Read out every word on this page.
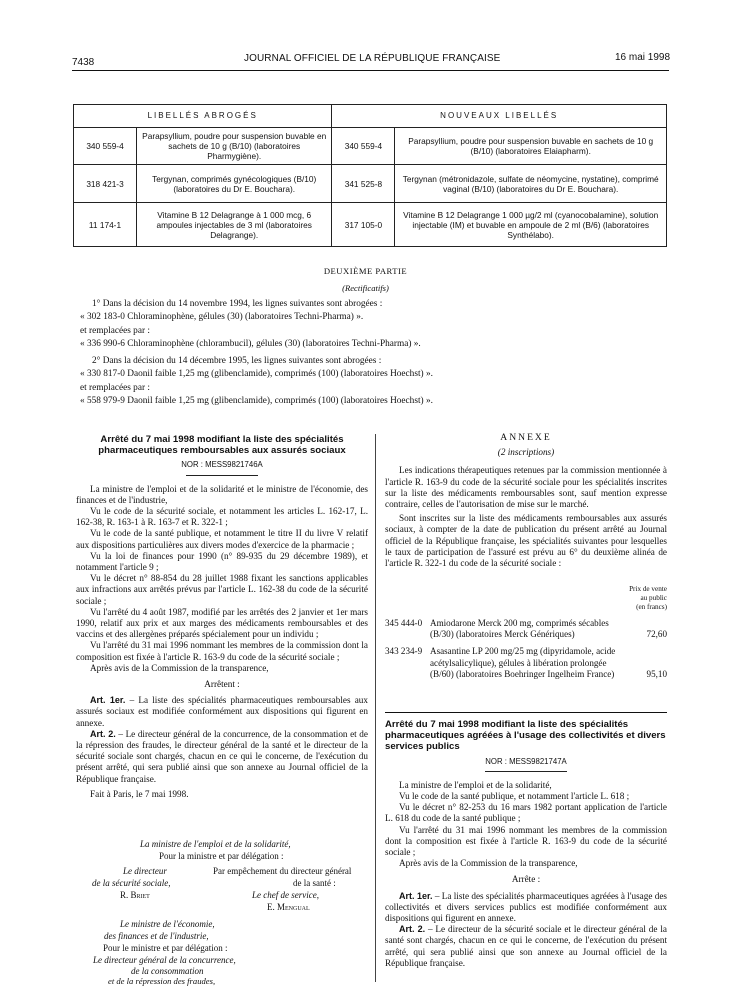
7438	JOURNAL OFFICIEL DE LA RÉPUBLIQUE FRANÇAISE	16 mai 1998
LIBELLÉS ABROGÉS		NOUVEAUX LIBELLÉS	
340 559-4	Parapsyllium, poudre pour suspension buvable en sachets de 10 g (B/10) (laboratoires Pharmygiène).	340 559-4	Parapsyllium, poudre pour suspension buvable en sachets de 10 g (B/10) (laboratoires Elaiapharm).
318 421-3	Tergynan, comprimés gynécologiques (B/10) (laboratoires du Dr E. Bouchara).	341 525-8	Tergynan (métronidazole, sulfate de néomycine, nystatine), comprimé vaginal (B/10) (laboratoires du Dr E. Bouchara).
11 174-1	Vitamine B 12 Delagrange à 1 000 mcg, 6 ampoules injectables de 3 ml (laboratoires Delagrange).	317 105-0	Vitamine B 12 Delagrange 1 000 µg/2 ml (cyanocobalamine), solution injectable (IM) et buvable en ampoule de 2 ml (B/6) (laboratoires Synthélabo).
DEUXIÈME PARTIE
(Rectificatifs)
1° Dans la décision du 14 novembre 1994, les lignes suivantes sont abrogées :
« 302 183-0 Chloraminophène, gélules (30) (laboratoires Techni-Pharma) ».
et remplacées par :
« 336 990-6 Chloraminophène (chlorambucil), gélules (30) (laboratoires Techni-Pharma) ».
2° Dans la décision du 14 décembre 1995, les lignes suivantes sont abrogées :
« 330 817-0 Daonil faible 1,25 mg (glibenclamide), comprimés (100) (laboratoires Hoechst) ».
et remplacées par :
« 558 979-9 Daonil faible 1,25 mg (glibenclamide), comprimés (100) (laboratoires Hoechst) ».

Arrêté du 7 mai 1998 modifiant la liste des spécialités pharmaceutiques remboursables aux assurés sociaux

NOR : MESS9821746A

La ministre de l'emploi et de la solidarité et le ministre de l'économie, des finances et de l'industrie,

Vu le code de la sécurité sociale, et notamment les articles L. 162-17, L. 162-38, R. 163-1 à R. 163-7 et R. 322-1 ;

Vu le code de la santé publique, et notamment le titre II du livre V relatif aux dispositions particulières aux divers modes d'exercice de la pharmacie ;

Vu la loi de finances pour 1990 (n° 89-935 du 29 décembre 1989), et notamment l'article 9 ;

Vu le décret n° 88-854 du 28 juillet 1988 fixant les sanctions applicables aux infractions aux arrêtés prévus par l'article L. 162-38 du code de la sécurité sociale ;

Vu l'arrêté du 4 août 1987, modifié par les arrêtés des 2 janvier et 1er mars 1990, relatif aux prix et aux marges des médicaments remboursables et des vaccins et des allergènes préparés spécialement pour un individu ;

Vu l'arrêté du 31 mai 1996 nommant les membres de la commission dont la composition est fixée à l'article R. 163-9 du code de la sécurité sociale ;

Après avis de la Commission de la transparence,

Arrêtent :

Art. 1er. – La liste des spécialités pharmaceutiques remboursables aux assurés sociaux est modifiée conformément aux dispositions qui figurent en annexe.

Art. 2. – Le directeur général de la concurrence, de la consommation et de la répression des fraudes, le directeur général de la santé et le directeur de la sécurité sociale sont chargés, chacun en ce qui le concerne, de l'exécution du présent arrêté, qui sera publié ainsi que son annexe au Journal officiel de la République française.

Fait à Paris, le 7 mai 1998.

La ministre de l'emploi et de la solidarité,
Pour la ministre et par délégation :
Le directeur
de la sécurité sociale,
R. Briet
Par empêchement du directeur général
de la santé :
Le chef de service,
E. Mengual
Le ministre de l'économie,
des finances et de l'industrie,
Pour le ministre et par délégation :
Le directeur général de la concurrence,
de la consommation
et de la répression des fraudes,

ANNEXE

(2 inscriptions)

Les indications thérapeutiques retenues par la commission mentionnée à l'article R. 163-9 du code de la sécurité sociale pour les spécialités inscrites sur la liste des médicaments remboursables sont, sauf mention expresse contraire, celles de l'autorisation de mise sur le marché.

Sont inscrites sur la liste des médicaments remboursables aux assurés sociaux, à compter de la date de publication du présent arrêté au Journal officiel de la République française, les spécialités suivantes pour lesquelles le taux de participation de l'assuré est prévu au 6° du deuxième alinéa de l'article R. 322-1 du code de la sécurité sociale :

Prix de vente
au public
(en francs)
345 444-0 Amiodarone Merck 200 mg, comprimés sécables (B/30) (laboratoires Merck Génériques)	72,60
343 234-9 Asasantine LP 200 mg/25 mg (dipyridamole, acide acétylsalicylique), gélules à libération prolongée (B/60) (laboratoires Boehringer Ingelheim France)	95,10

Arrêté du 7 mai 1998 modifiant la liste des spécialités pharmaceutiques agréées à l'usage des collectivités et divers services publics

NOR : MESS9821747A

La ministre de l'emploi et de la solidarité,

Vu le code de la santé publique, et notamment l'article L. 618 ;

Vu le décret n° 82-253 du 16 mars 1982 portant application de l'article L. 618 du code de la santé publique ;

Vu l'arrêté du 31 mai 1996 nommant les membres de la commission dont la composition est fixée à l'article R. 163-9 du code de la sécurité sociale ;

Après avis de la Commission de la transparence,

Arrête :

Art. 1er. – La liste des spécialités pharmaceutiques agréées à l'usage des collectivités et divers services publics est modifiée conformément aux dispositions qui figurent en annexe.

Art. 2. – Le directeur de la sécurité sociale et le directeur général de la santé sont chargés, chacun en ce qui le concerne, de l'exécution du présent arrêté, qui sera publié ainsi que son annexe au Journal officiel de la République française.
